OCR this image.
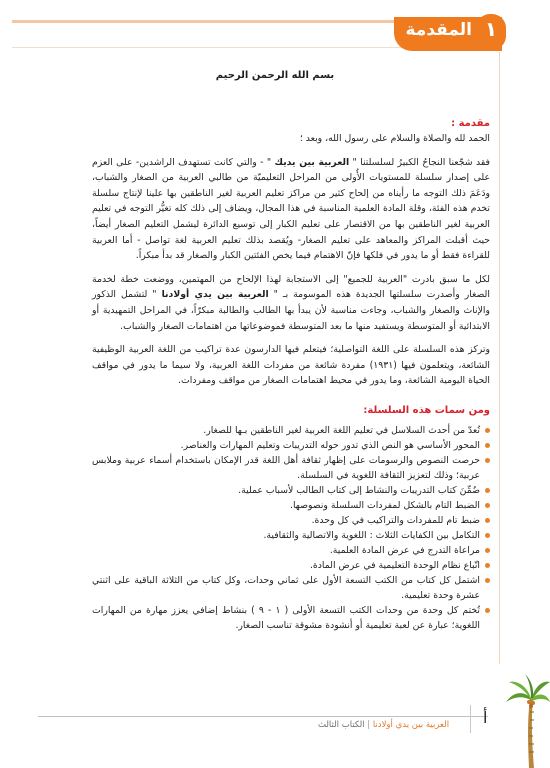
المقدمة ١
بسم الله الرحمن الرحيم
مقدمة :

الحمد لله والصلاة والسلام على رسول الله، وبعد ؛

فقد شجّعنا النجاحُ الكبيرُ لسلسلتنا " العربية بين يديك " - والتي كانت تستهدف الراشدين- على العزم على إصدار سلسلة للمستويات الأُولى من المراحل التعليميّة من طالبي العربية من الصغار والشباب، ودَعَمَ ذلك التوجه ما رأيناه من إلحاح كثير من مراكز تعليم العربية لغير الناطقين بها علينا لإنتاج سلسلة تخدم هذه الفئة، وقلة المادة العلمية المناسبة في هذا المجال، ويضاف إلى ذلك كله تغيُّر التوجه في تعليم العربية لغير الناطقين بها من الاقتصار على تعليم الكبار إلى توسيع الدائرة ليشمل التعليم الصغار أيضاً، حيث أقبلت المراكز والمعاهد على تعليم الصغار- ويُقصد بذلك تعليم العربية لغة تواصل - أما العربية للقراءة فقط أو ما يدور في فلكها فإنّ الاهتمام فيما يخص الفئتين الكبار والصغار قد بدأ مبكراً.

لكل ما سبق بادرت "العربية للجميع" إلى الاستجابة لهذا الإلحاح من المهتمين، ووضعت خطة لخدمة الصغار وأصدرت سلسلتها الجديدة هذه الموسومة بـ " العربية بين يدي أولادنا " لتشمل الذكور والإناث والصغار والشباب، وجاءت مناسبة لأن يبدأ بها الطالب والطالبة مبكرّاً، في المراحل التمهيدية أو الابتدائية أو المتوسطة ويستفيد منها ما بعد المتوسطة فموضوعاتها من اهتمامات الصغار والشباب.

وتركز هذه السلسلة على اللغة التواصلية؛ فيتعلم فيها الدارسون عدة تراكيب من اللغة العربية الوظيفية الشائعة، ويتعلمون فيها (١٩٣١) مفردة شائعة من مفردات اللغة العربية، ولا سيما ما يدور في مواقف الحياة اليومية الشائعة، وما يدور في محيط اهتمامات الصغار من مواقف ومفردات.

ومن سمات هذه السلسلة:
تُعدّ من أحدث السلاسل في تعليم اللغة العربية لغير الناطقين بـها للصغار.
المحور الأساسي هو النص الذي تدور حوله التدريبات وتعليم المهارات والعناصر.
حرصت النصوص والرسومات على إظهار ثقافة أهل اللغة قدر الإمكان باستخدام أسماء عربية وملابس عربية؛ وذلك لتعزيز الثقافة اللغوية في السلسلة.
ضُمِّنَ كتاب التدريبات والنشاط إلى كتاب الطالب لأسباب عملية.
الضبط التام بالشكل لمفردات السلسلة ونصوصها.
ضبط تام للمفردات والتراكيب في كل وحدة.
التكامل بين الكفايات الثلاث : اللغوية والاتصالية والثقافية.
مراعاة التدرج في عرض المادة العلمية.
اتّباع نظام الوحدة التعليمية في عرض المادة.
اشتمل كل كتاب من الكتب التسعة الأول على ثماني وحدات، وكل كتاب من الثلاثة الباقية على اثنتي عشرة وحدة تعليمية.
تُختم كل وحدة من وحدات الكتب التسعة الأولى ( ١ - ٩ ) بنشاط إضافي يعزز مهارة من المهارات اللغوية؛ عبارة عن لعبة تعليمية أو أنشودة مشوقة تناسب الصغار.
العربية بين يدي أولادنا | الكتاب الثالث	أ
